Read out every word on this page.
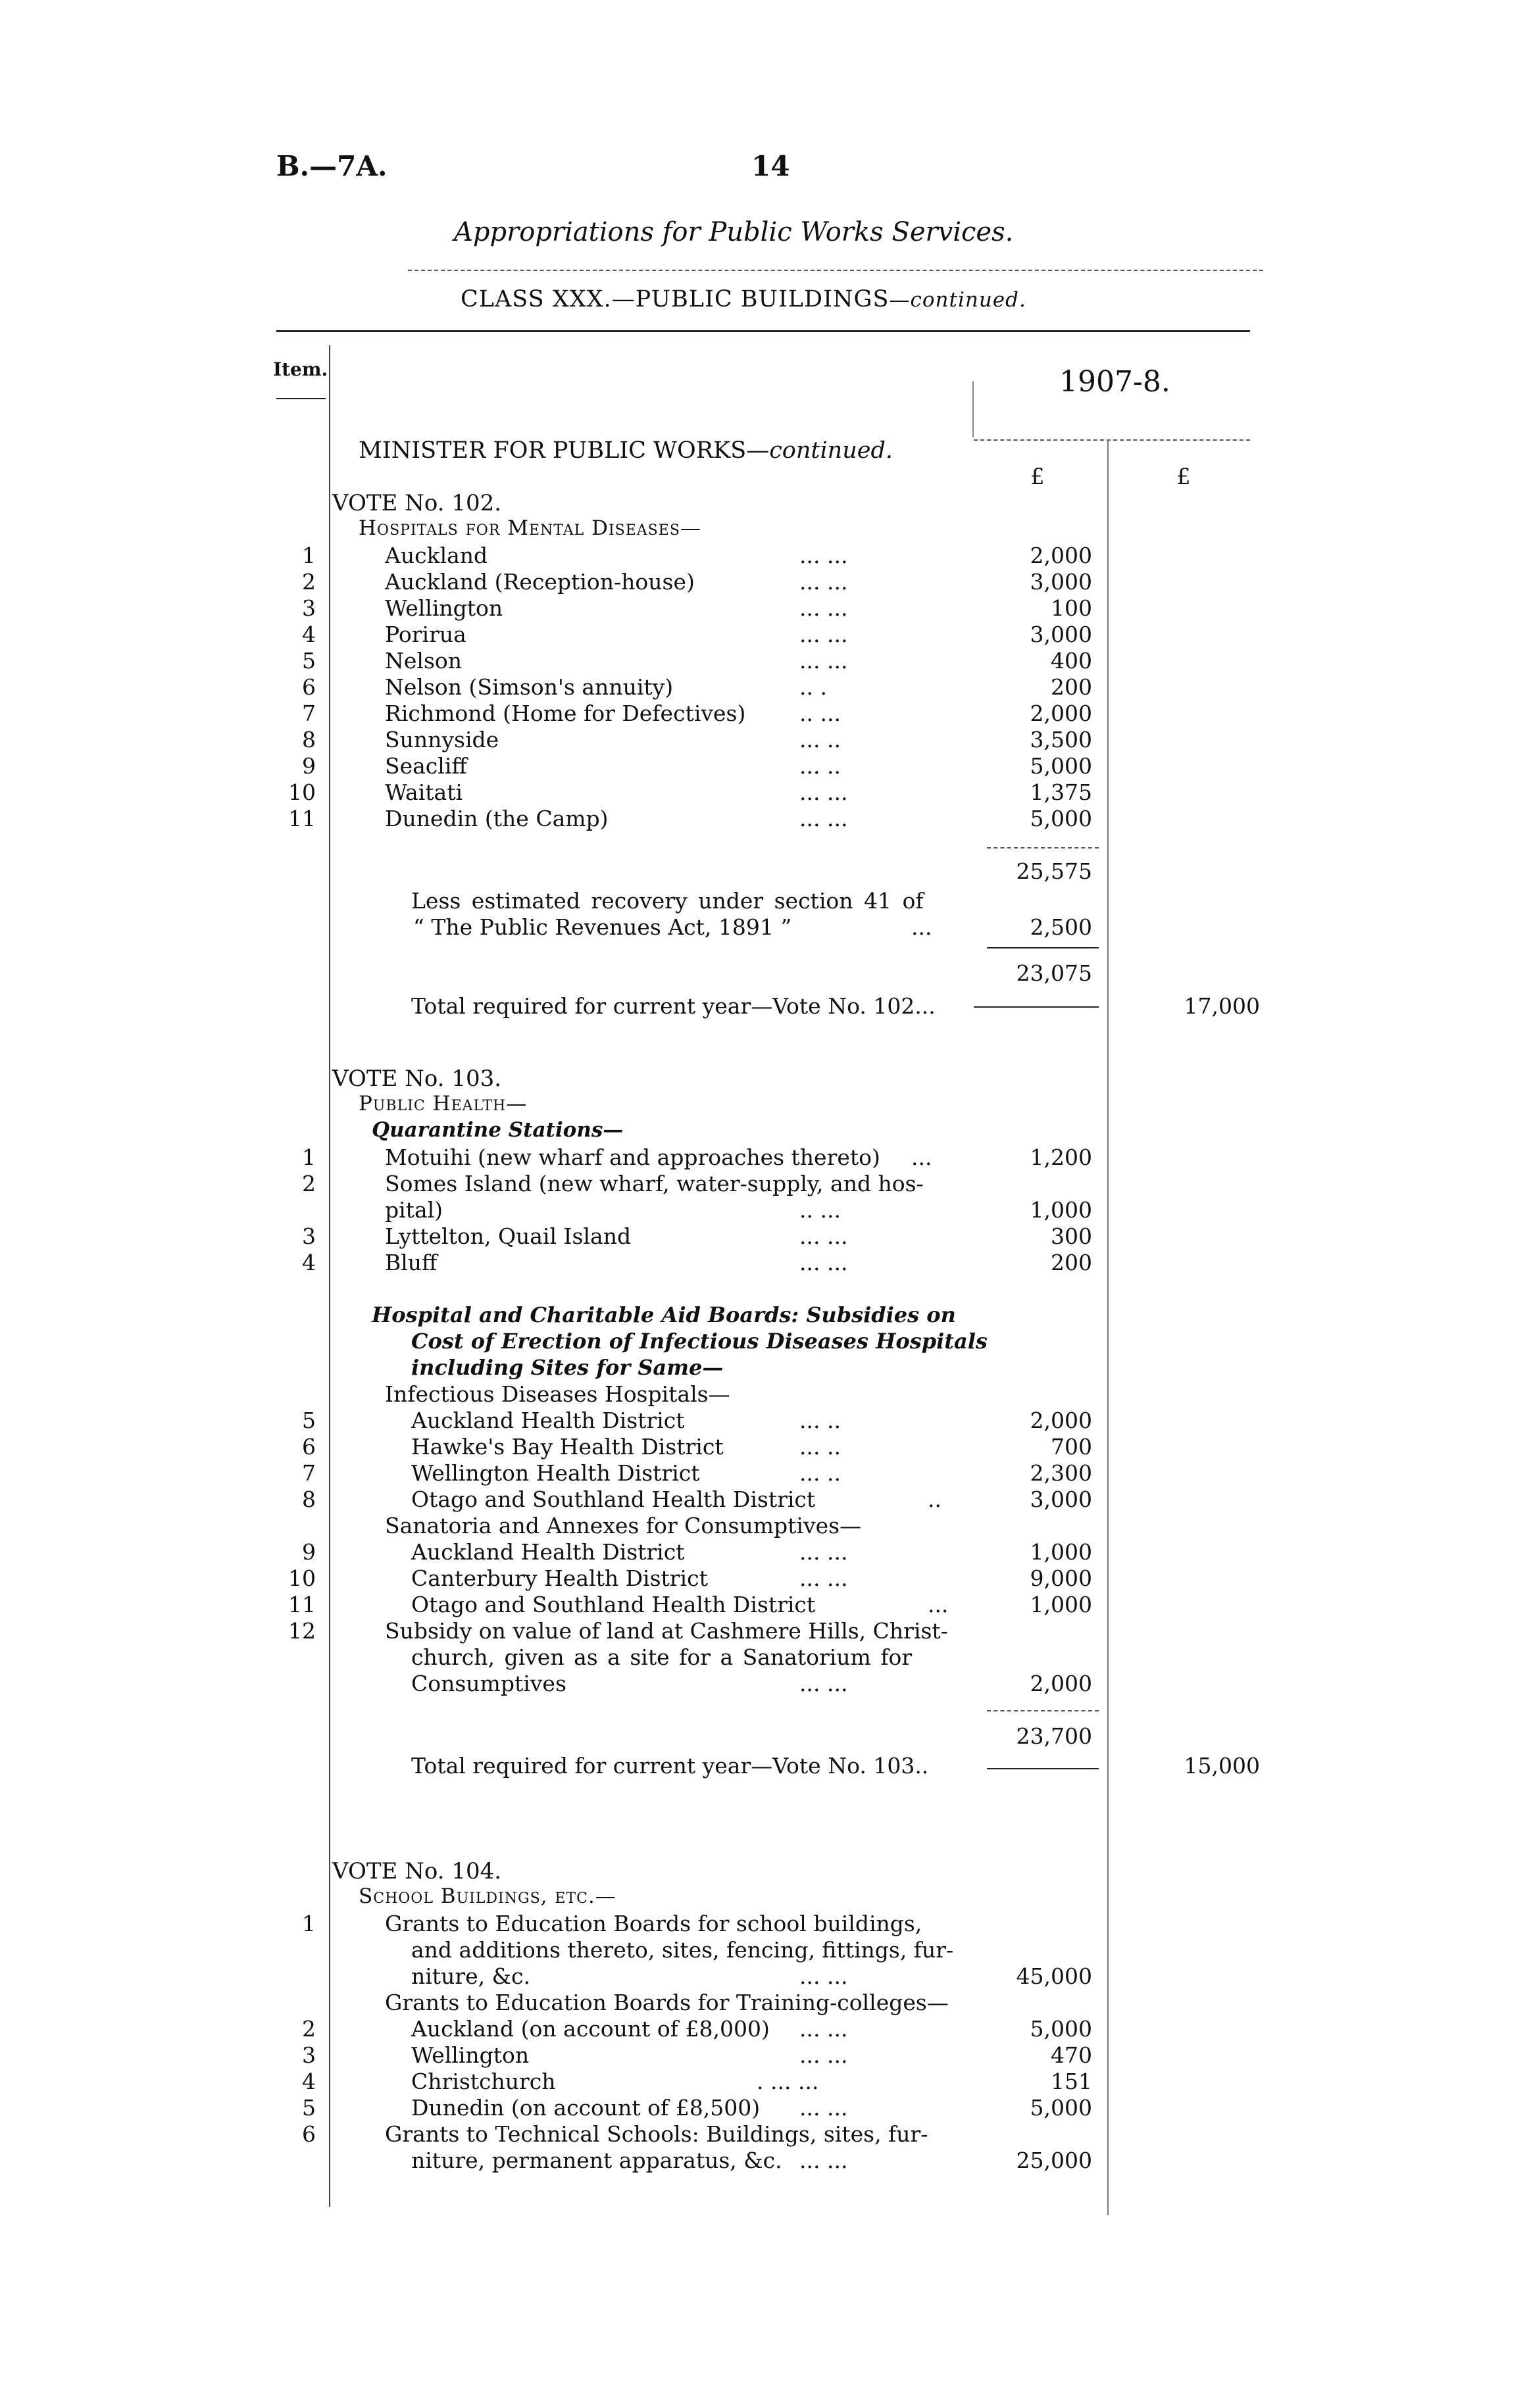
B.—7A.	14
Appropriations for Public Works Services.
CLASS XXX.—PUBLIC BUILDINGS—continued.
Item.	1907-8.
£	£
MINISTER FOR PUBLIC WORKS—continued.
VOTE No. 102.
Hospitals for Mental Diseases—
1	Auckland	... ...	2,000
2	Auckland (Reception-house)	... ...	3,000
3	Wellington	... ...	100
4	Porirua	... ...	3,000
5	Nelson	... ...	400
6	Nelson (Simson's annuity)	.. .	200
7	Richmond (Home for Defectives) .. ...	2,000
8	Sunnyside	... ..	3,500
9	Seacliff	... ..	5,000
10	Waitati	... ...	1,375
11	Dunedin (the Camp)	... ...	5,000
25,575
Less estimated recovery under section 41 of
“ The Public Revenues Act, 1891 ”	...	2,500
23,075
Total required for current year—Vote No. 102...	17,000
VOTE No. 103.
Public Health—
Quarantine Stations—
1	Motuihi (new wharf and approaches thereto) ...	1,200
2	Somes Island (new wharf, water-supply, and hos-
pital)	.. ...	1,000
3	Lyttelton, Quail Island	... ...	300
4	Bluff	... ...	200
Hospital and Charitable Aid Boards: Subsidies on
Cost of Erection of Infectious Diseases Hospitals
including Sites for Same—
Infectious Diseases Hospitals—
5	Auckland Health District	... ..	2,000
6	Hawke's Bay Health District	... ..	700
7	Wellington Health District	... ..	2,300
8	Otago and Southland Health District	..	3,000
Sanatoria and Annexes for Consumptives—
9	Auckland Health District	... ...	1,000
10	Canterbury Health District	... ...	9,000
11	Otago and Southland Health District	...	1,000
12	Subsidy on value of land at Cashmere Hills, Christ-
church, given as a site for a Sanatorium for
Consumptives	... ...	2,000
23,700
Total required for current year—Vote No. 103..	15,000
VOTE No. 104.
School Buildings, etc.—
1	Grants to Education Boards for school buildings,
and additions thereto, sites, fencing, fittings, fur-
niture, &c.	... ...	45,000
Grants to Education Boards for Training-colleges—
2	Auckland (on account of £8,000) ... ...	5,000
3	Wellington	... ...	470
4	Christchurch	. ... ...	151
5	Dunedin (on account of £8,500) ... ...	5,000
6	Grants to Technical Schools: Buildings, sites, fur-
niture, permanent apparatus, &c. ... ...	25,000
